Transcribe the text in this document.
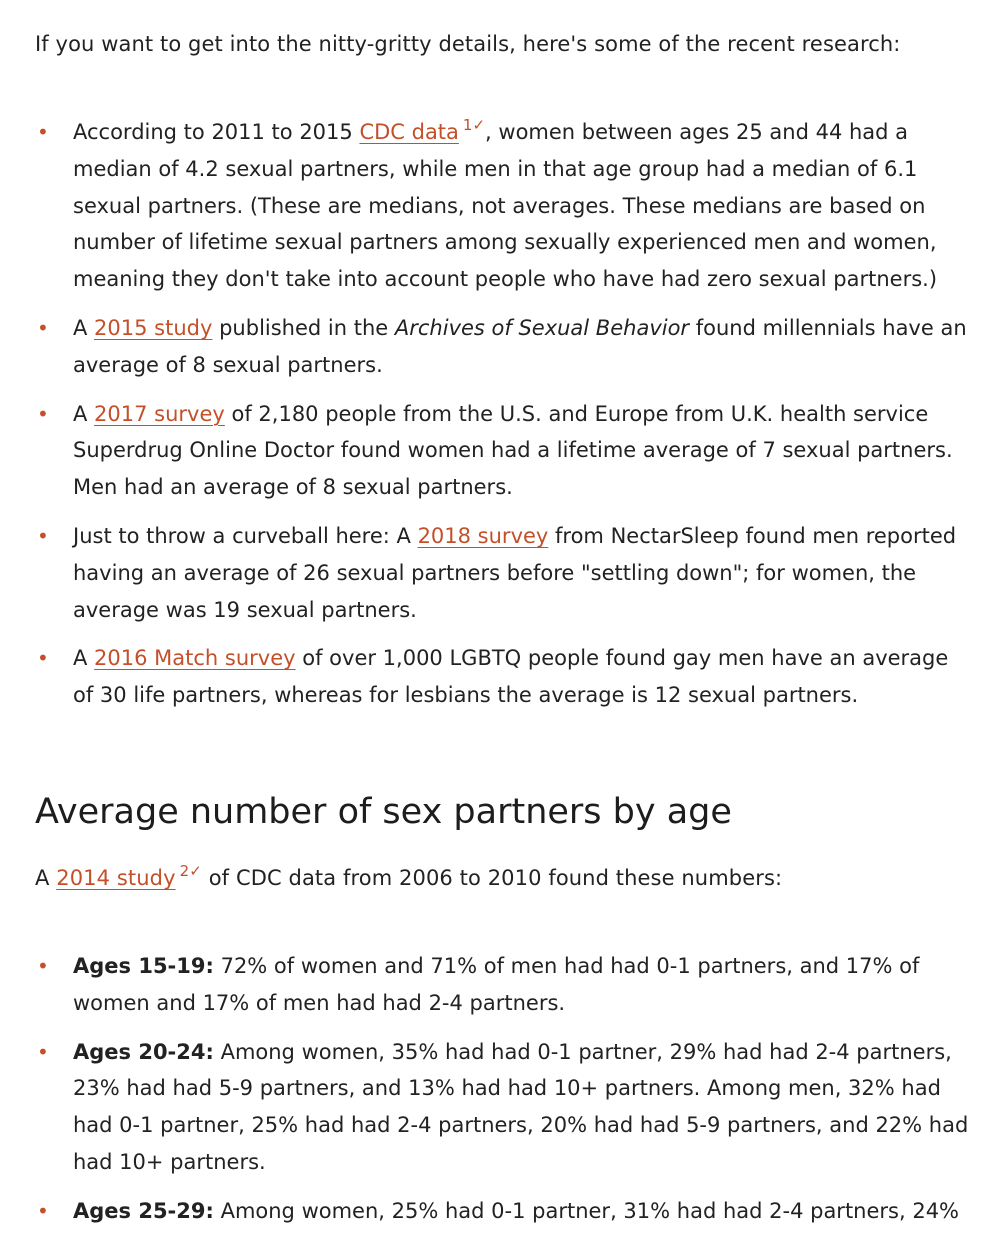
If you want to get into the nitty-gritty details, here's some of the recent research:

• According to 2011 to 2015 CDC data $^{1✓}$, women between ages 25 and 44 had a median of 4.2 sexual partners, while men in that age group had a median of 6.1 sexual partners. (These are medians, not averages. These medians are based on number of lifetime sexual partners among sexually experienced men and women, meaning they don't take into account people who have had zero sexual partners.)
• A 2015 study published in the Archives of Sexual Behavior found millennials have an average of 8 sexual partners.
• A 2017 survey of 2,180 people from the U.S. and Europe from U.K. health service Superdrug Online Doctor found women had a lifetime average of 7 sexual partners. Men had an average of 8 sexual partners.
• Just to throw a curveball here: A 2018 survey from NectarSleep found men reported having an average of 26 sexual partners before "settling down"; for women, the average was 19 sexual partners.
• A 2016 Match survey of over 1,000 LGBTQ people found gay men have an average of 30 life partners, whereas for lesbians the average is 12 sexual partners.
Average number of sex partners by age

A 2014 study $^{2✓}$ of CDC data from 2006 to 2010 found these numbers:

• Ages 15-19: 72% of women and 71% of men had had 0-1 partners, and 17% of women and 17% of men had had 2-4 partners.
• Ages 20-24: Among women, 35% had had 0-1 partner, 29% had had 2-4 partners, 23% had had 5-9 partners, and 13% had had 10+ partners. Among men, 32% had had 0-1 partner, 25% had had 2-4 partners, 20% had had 5-9 partners, and 22% had had 10+ partners.
• Ages 25-29: Among women, 25% had 0-1 partner, 31% had had 2-4 partners, 24%
